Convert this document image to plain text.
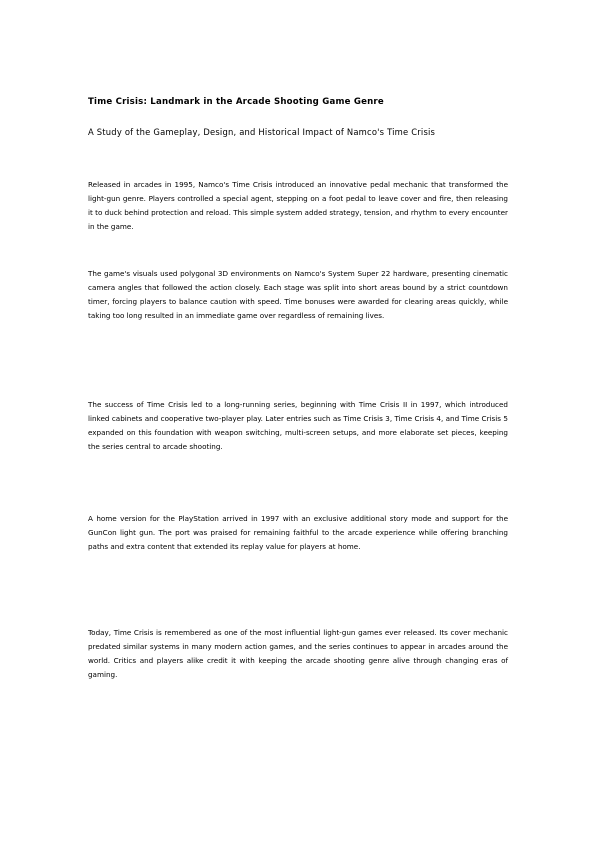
Time Crisis: Landmark in the Arcade Shooting Game Genre
A Study of the Gameplay, Design, and Historical Impact of Namco's Time Crisis

Released in arcades in 1995, Namco's Time Crisis introduced an innovative pedal mechanic that transformed the light-gun genre. Players controlled a special agent, stepping on a foot pedal to leave cover and fire, then releasing it to duck behind protection and reload. This simple system added strategy, tension, and rhythm to every encounter in the game.

The game's visuals used polygonal 3D environments on Namco's System Super 22 hardware, presenting cinematic camera angles that followed the action closely. Each stage was split into short areas bound by a strict countdown timer, forcing players to balance caution with speed. Time bonuses were awarded for clearing areas quickly, while taking too long resulted in an immediate game over regardless of remaining lives.

The success of Time Crisis led to a long-running series, beginning with Time Crisis II in 1997, which introduced linked cabinets and cooperative two-player play. Later entries such as Time Crisis 3, Time Crisis 4, and Time Crisis 5 expanded on this foundation with weapon switching, multi-screen setups, and more elaborate set pieces, keeping the series central to arcade shooting.

A home version for the PlayStation arrived in 1997 with an exclusive additional story mode and support for the GunCon light gun. The port was praised for remaining faithful to the arcade experience while offering branching paths and extra content that extended its replay value for players at home.

Today, Time Crisis is remembered as one of the most influential light-gun games ever released. Its cover mechanic predated similar systems in many modern action games, and the series continues to appear in arcades around the world. Critics and players alike credit it with keeping the arcade shooting genre alive through changing eras of gaming.
